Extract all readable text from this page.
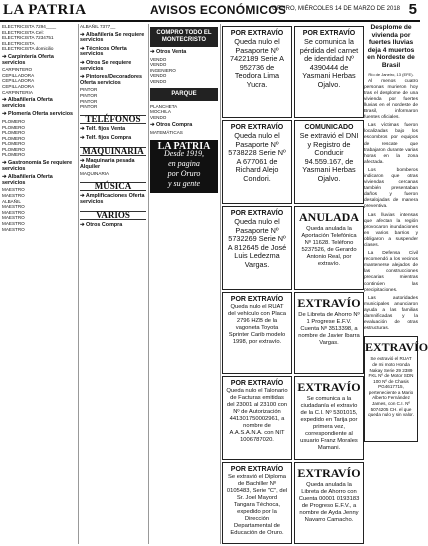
LA PATRIA	AVISOS ECONÓMICOS
ORURO, MIÉRCOLES 14 DE MARZO DE 2018 5
ELECTRICISTA 7294____
ELECTRICISTA Cel:
ELECTRICISTA 7234751
ELECTRICISTA
ELECTRICISTA domicilio
➔ Carpintería Oferta servicios
CARPINTERO
CEPILLADORA
CEPILLADORA
CEPILLADORA
CARPINTERIA
➔ Albañilería Oferta servicios
➔ Plomería Oferta servicios
PLOMERO
PLOMERO
PLOMERO
PLOMERO
PLOMERO
PLOMERO
PLOMERO
➔ Gastronomía Se requiere servicios
➔ Albañilería Oferta servicios
MAESTRO
MAESTRO
ALBAÑIL
MAESTRO
MAESTRO
MAESTRO
MAESTRO
MAESTRO
ALBAÑIL 7377__
➔ Albañilería Se requiere servicios
➔ Técnicos Oferta servicios
➔ Otros Se requiere servicios
➔ Pintores/Decoradores Oferta servicios
PINTOR
PINTOR
PINTOR
PINTOR
TELÉFONOS
➔ Telf. fijos Venta
➔ Telf. fijos Compra
MAQUINARIA
➔ Maquinaria pesada Alquiler
MAQUINARIA
MÚSICA
➔ Amplificaciones Oferta servicios
VARIOS
➔ Otros Compra
COMPRO TODO EL MONTECRISTO
➔ Otros Venta
VENDO
VENDO
INGENIERO
VENDO
VENDO
PARQUE
PLANCHETA
MOCHILA
VENDO
➔ Otros Compra
MATEMÁTICAS
LA PATRIA
Desde 1919,
en pagina
por Oruro
y su gente
POR EXTRAVÍO
Queda nulo el Pasaporte Nº 7422189 Serie A 952736 de Teodora Lima Yucra.
POR EXTRAVÍO
Se comunica la pérdida del carnet de identidad Nº 4390444 de Yasmani Herbas Ojalvo.
POR EXTRAVÍO
Queda nulo el Pasaporte Nº 5738228 Serie Nº A 677061 de Richard Alejo Condori.
COMUNICADO
Se extravió el DNI y Registro de Conducir 94.559.167, de Yasmani Herbas Ojalvo.
POR EXTRAVÍO
Queda nulo el Pasaporte Nº 5732269 Serie Nº A 812645 de José Luis Ledezma Vargas.
ANULADA
Queda anulada la Aportación Telefónica Nº 11628. Teléfono 5237526, de Gerardo Antonio Real, por extravío.
POR EXTRAVÍO
Queda nulo el RUAT del vehículo con Placa 2796 HZB de la vagoneta Toyota Sprinter Carib modelo 1998, por extravío.
EXTRAVÍO
De Libreta de Ahorro Nº 1 Progrese E.F.V. Cuenta Nº 3513398, a nombre de Javier Ibarra Vargas.
POR EXTRAVÍO
Queda nulo el Talonario de Facturas emitidas del 23001 al 23100 con Nº de Autorización 441301750002961, a nombre de A.A.S.A.N.A. con NIT 1006787020.
EXTRAVÍO
Se comunica a la ciudadanía el extravío de la C.I. Nº 5301015, expedido en Tarija por primera vez, correspondiente al usuario Franz Morales Mamani.
POR EXTRAVÍO
Se extravió el Diploma de Bachiller Nº 0105483, Serie "C", del Sr. Joel Mayord Tangara Téchoca, expedido por la Dirección Departamental de Educación de Oruro.
EXTRAVÍO
Queda anulada la Libreta de Ahorro con Cuenta 00001 0193183 de Progreso E.F.V., a nombre de Ayda Jenny Navarro Camacho.
Desplome de vivienda por fuertes lluvias deja 4 muertos en Nordeste de Brasil
Río de Janeiro, 13 (EFE).

Al menos cuatro personas murieron hoy tras el desplome de una vivienda por fuertes lluvias en el nordeste de Brasil, informaron fuentes oficiales.

Las víctimas fueron localizadas bajo los escombros por equipos de rescate que trabajaron durante varias horas en la zona afectada.

Los bomberos indicaron que otras viviendas cercanas también presentaban daños y fueron desalojadas de manera preventiva.

Las lluvias intensas que afectan la región provocaron inundaciones en varios barrios y obligaron a suspender clases.

La Defensa Civil recomendó a los vecinos mantenerse alejados de las construcciones precarias mientras continúen las precipitaciones.

Las autoridades municipales anunciaron ayuda a las familias damnificadas y la evaluación de otras estructuras.

EXTRAVÍO
Se extravió el RUAT de mi moto Honda Nakay Serie 29 2389 FKL Nº de Motor SDN 100 Nº de Chasis PG4617715, perteneciente a Mario Alberto Fernández James, con C.I. Nº 5074205 CH. el que queda nulo y sin valor.
